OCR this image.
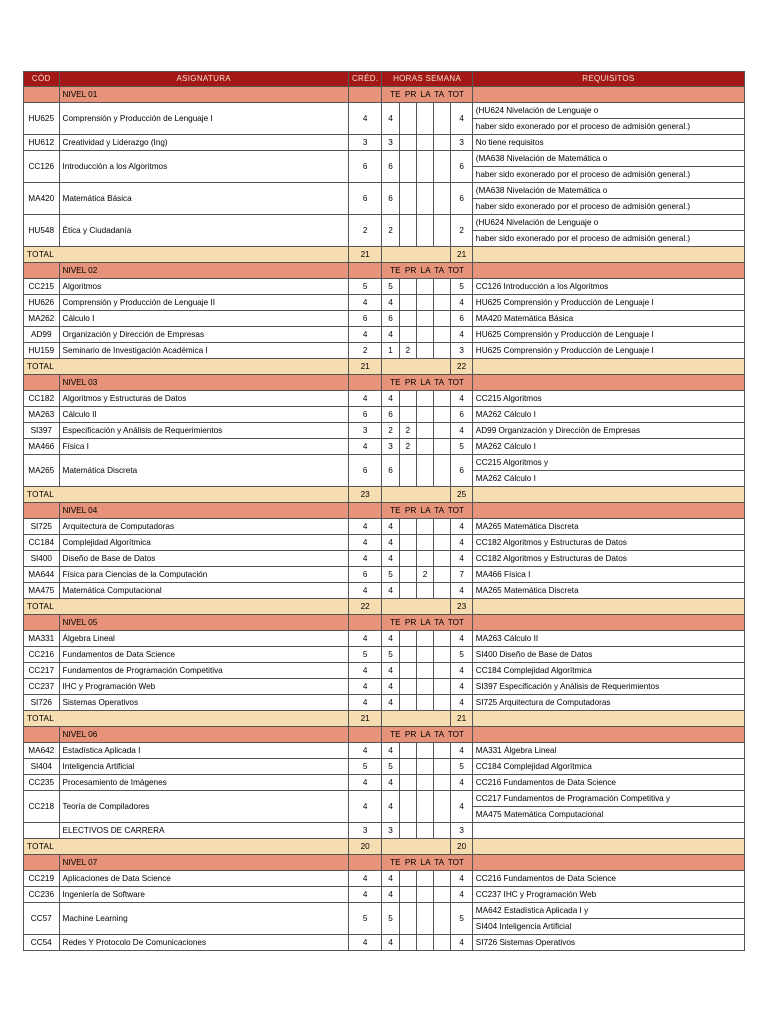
CÓD	ASIGNATURA	CRÉD.	HORAS SEMANA					REQUISITOS
	NIVEL 01		TE PR LA TA TOT					
HU625	Comprensión y Producción de Lenguaje I	4	4				4	(HU624 Nivelación de Lenguaje o
								haber sido exonerado por el proceso de admisión general.)
HU612	Creatividad y Liderazgo (Ing)	3	3				3	No tiene requisitos
CC126	Introducción a los Algoritmos	6	6				6	(MA638 Nivelación de Matemática o
								haber sido exonerado por el proceso de admisión general.)
MA420	Matemática Básica	6	6				6	(MA638 Nivelación de Matemática o
								haber sido exonerado por el proceso de admisión general.)
HU548	Ética y Ciudadanía	2	2				2	(HU624 Nivelación de Lenguaje o
								haber sido exonerado por el proceso de admisión general.)
TOTAL		21					21	
	NIVEL 02		TE PR LA TA TOT					
CC215	Algoritmos	5	5				5	CC126 Introducción a los Algoritmos
HU626	Comprensión y Producción de Lenguaje II	4	4				4	HU625 Comprensión y Producción de Lenguaje I
MA262	Cálculo I	6	6				6	MA420 Matemática Básica
AD99	Organización y Dirección de Empresas	4	4				4	HU625 Comprensión y Producción de Lenguaje I
HU159	Seminario de Investigación Académica I	2	1	2			3	HU625 Comprensión y Producción de Lenguaje I
TOTAL		21					22	
	NIVEL 03		TE PR LA TA TOT					
CC182	Algoritmos y Estructuras de Datos	4	4				4	CC215 Algoritmos
MA263	Cálculo II	6	6				6	MA262 Cálculo I
SI397	Especificación y Análisis de Requerimientos	3	2	2			4	AD99 Organización y Dirección de Empresas
MA466	Física I	4	3	2			5	MA262 Cálculo I
MA265	Matemática Discreta	6	6				6	CC215 Algoritmos y
								MA262 Cálculo I
TOTAL		23					25	
	NIVEL 04		TE PR LA TA TOT					
SI725	Arquitectura de Computadoras	4	4				4	MA265 Matemática Discreta
CC184	Complejidad Algorítmica	4	4				4	CC182 Algoritmos y Estructuras de Datos
SI400	Diseño de Base de Datos	4	4				4	CC182 Algoritmos y Estructuras de Datos
MA644	Física para Ciencias de la Computación	6	5		2		7	MA466 Física I
MA475	Matemática Computacional	4	4				4	MA265 Matemática Discreta
TOTAL		22					23	
	NIVEL 05		TE PR LA TA TOT					
MA331	Álgebra Lineal	4	4				4	MA263 Cálculo II
CC216	Fundamentos de Data Science	5	5				5	SI400 Diseño de Base de Datos
CC217	Fundamentos de Programación Competitiva	4	4				4	CC184 Complejidad Algorítmica
CC237	IHC y Programación Web	4	4				4	SI397 Especificación y Análisis de Requerimientos
SI726	Sistemas Operativos	4	4				4	SI725 Arquitectura de Computadoras
TOTAL		21					21	
	NIVEL 06		TE PR LA TA TOT					
MA642	Estadística Aplicada I	4	4				4	MA331 Álgebra Lineal
SI404	Inteligencia Artificial	5	5				5	CC184 Complejidad Algorítmica
CC235	Procesamiento de Imágenes	4	4				4	CC216 Fundamentos de Data Science
CC218	Teoría de Compiladores	4	4				4	CC217 Fundamentos de Programación Competitiva y
								MA475 Matemática Computacional
	ELECTIVOS DE CARRERA	3	3				3	
TOTAL		20					20	
	NIVEL 07		TE PR LA TA TOT					
CC219	Aplicaciones de Data Science	4	4				4	CC216 Fundamentos de Data Science
CC236	Ingeniería de Software	4	4				4	CC237 IHC y Programación Web
CC57	Machine Learning	5	5				5	MA642 Estadística Aplicada I y
								SI404 Inteligencia Artificial
CC54	Redes Y Protocolo De Comunicaciones	4	4				4	SI726 Sistemas Operativos
